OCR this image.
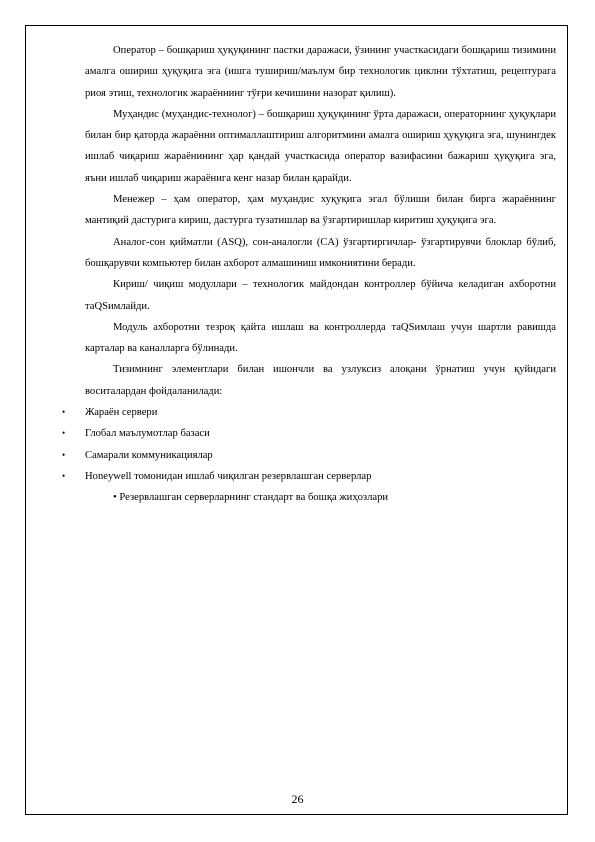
Оператор – бошқариш ҳуқуқининг пастки даражаси, ўзининг участкасидаги бошқариш тизимини амалга ошириш ҳуқуқига эга (ишга тушириш/маълум бир технологик циклни тўхтатиш, рецептурага риоя этиш, технологик жараённинг тўғри кечишини назорат қилиш).

Муҳандис (муҳандис-технолог) – бошқариш ҳуқуқининг ўрта даражаси, операторнинг ҳуқуқлари билан бир қаторда жараённи оптималлаштириш алгоритмини амалга ошириш ҳуқуқига эга, шунингдек ишлаб чиқариш жараёнининг ҳар қандай участкасида оператор вазифасини бажариш ҳуқуқига эга, яъни ишлаб чиқариш жараёнига кенг назар билан қарайди.

Менежер – ҳам оператор, ҳам муҳандис хуқуқига эгал бўлиши билан бирга жараённинг мантиқий дастурига кириш, дастурга тузатишлар ва ўзгартиришлар киритиш ҳуқуқига эга.

Аналог-сон қийматли (ASQ), сон-аналогли (CA) ўзгартиргичлар- ўзгартирувчи блоклар бўлиб, бошқарувчи компьютер билан ахборот алмашиниш имкониятини беради.

Кириш/ чиқиш модуллари – технологик майдондан контроллер бўйича келадиган ахборотни таQSимлайди.

Модуль ахборотни тезроқ қайта ишлаш ва контроллерда таQSимлаш учун шартли равишда карталар ва каналларга бўлинади.

Тизимнинг элементлари билан ишончли ва узлуксиз алоқани ўрнатиш учун қуйидаги воситалардан фойдаланилади:

• Жараён сервери
• Глобал маълумотлар базаси
• Самарали коммуникациялар
• Honeywell томонидан ишлаб чиқилган резервлашган серверлар

• Резервлашган серверларнинг стандарт ва бошқа жиҳозлари

26
